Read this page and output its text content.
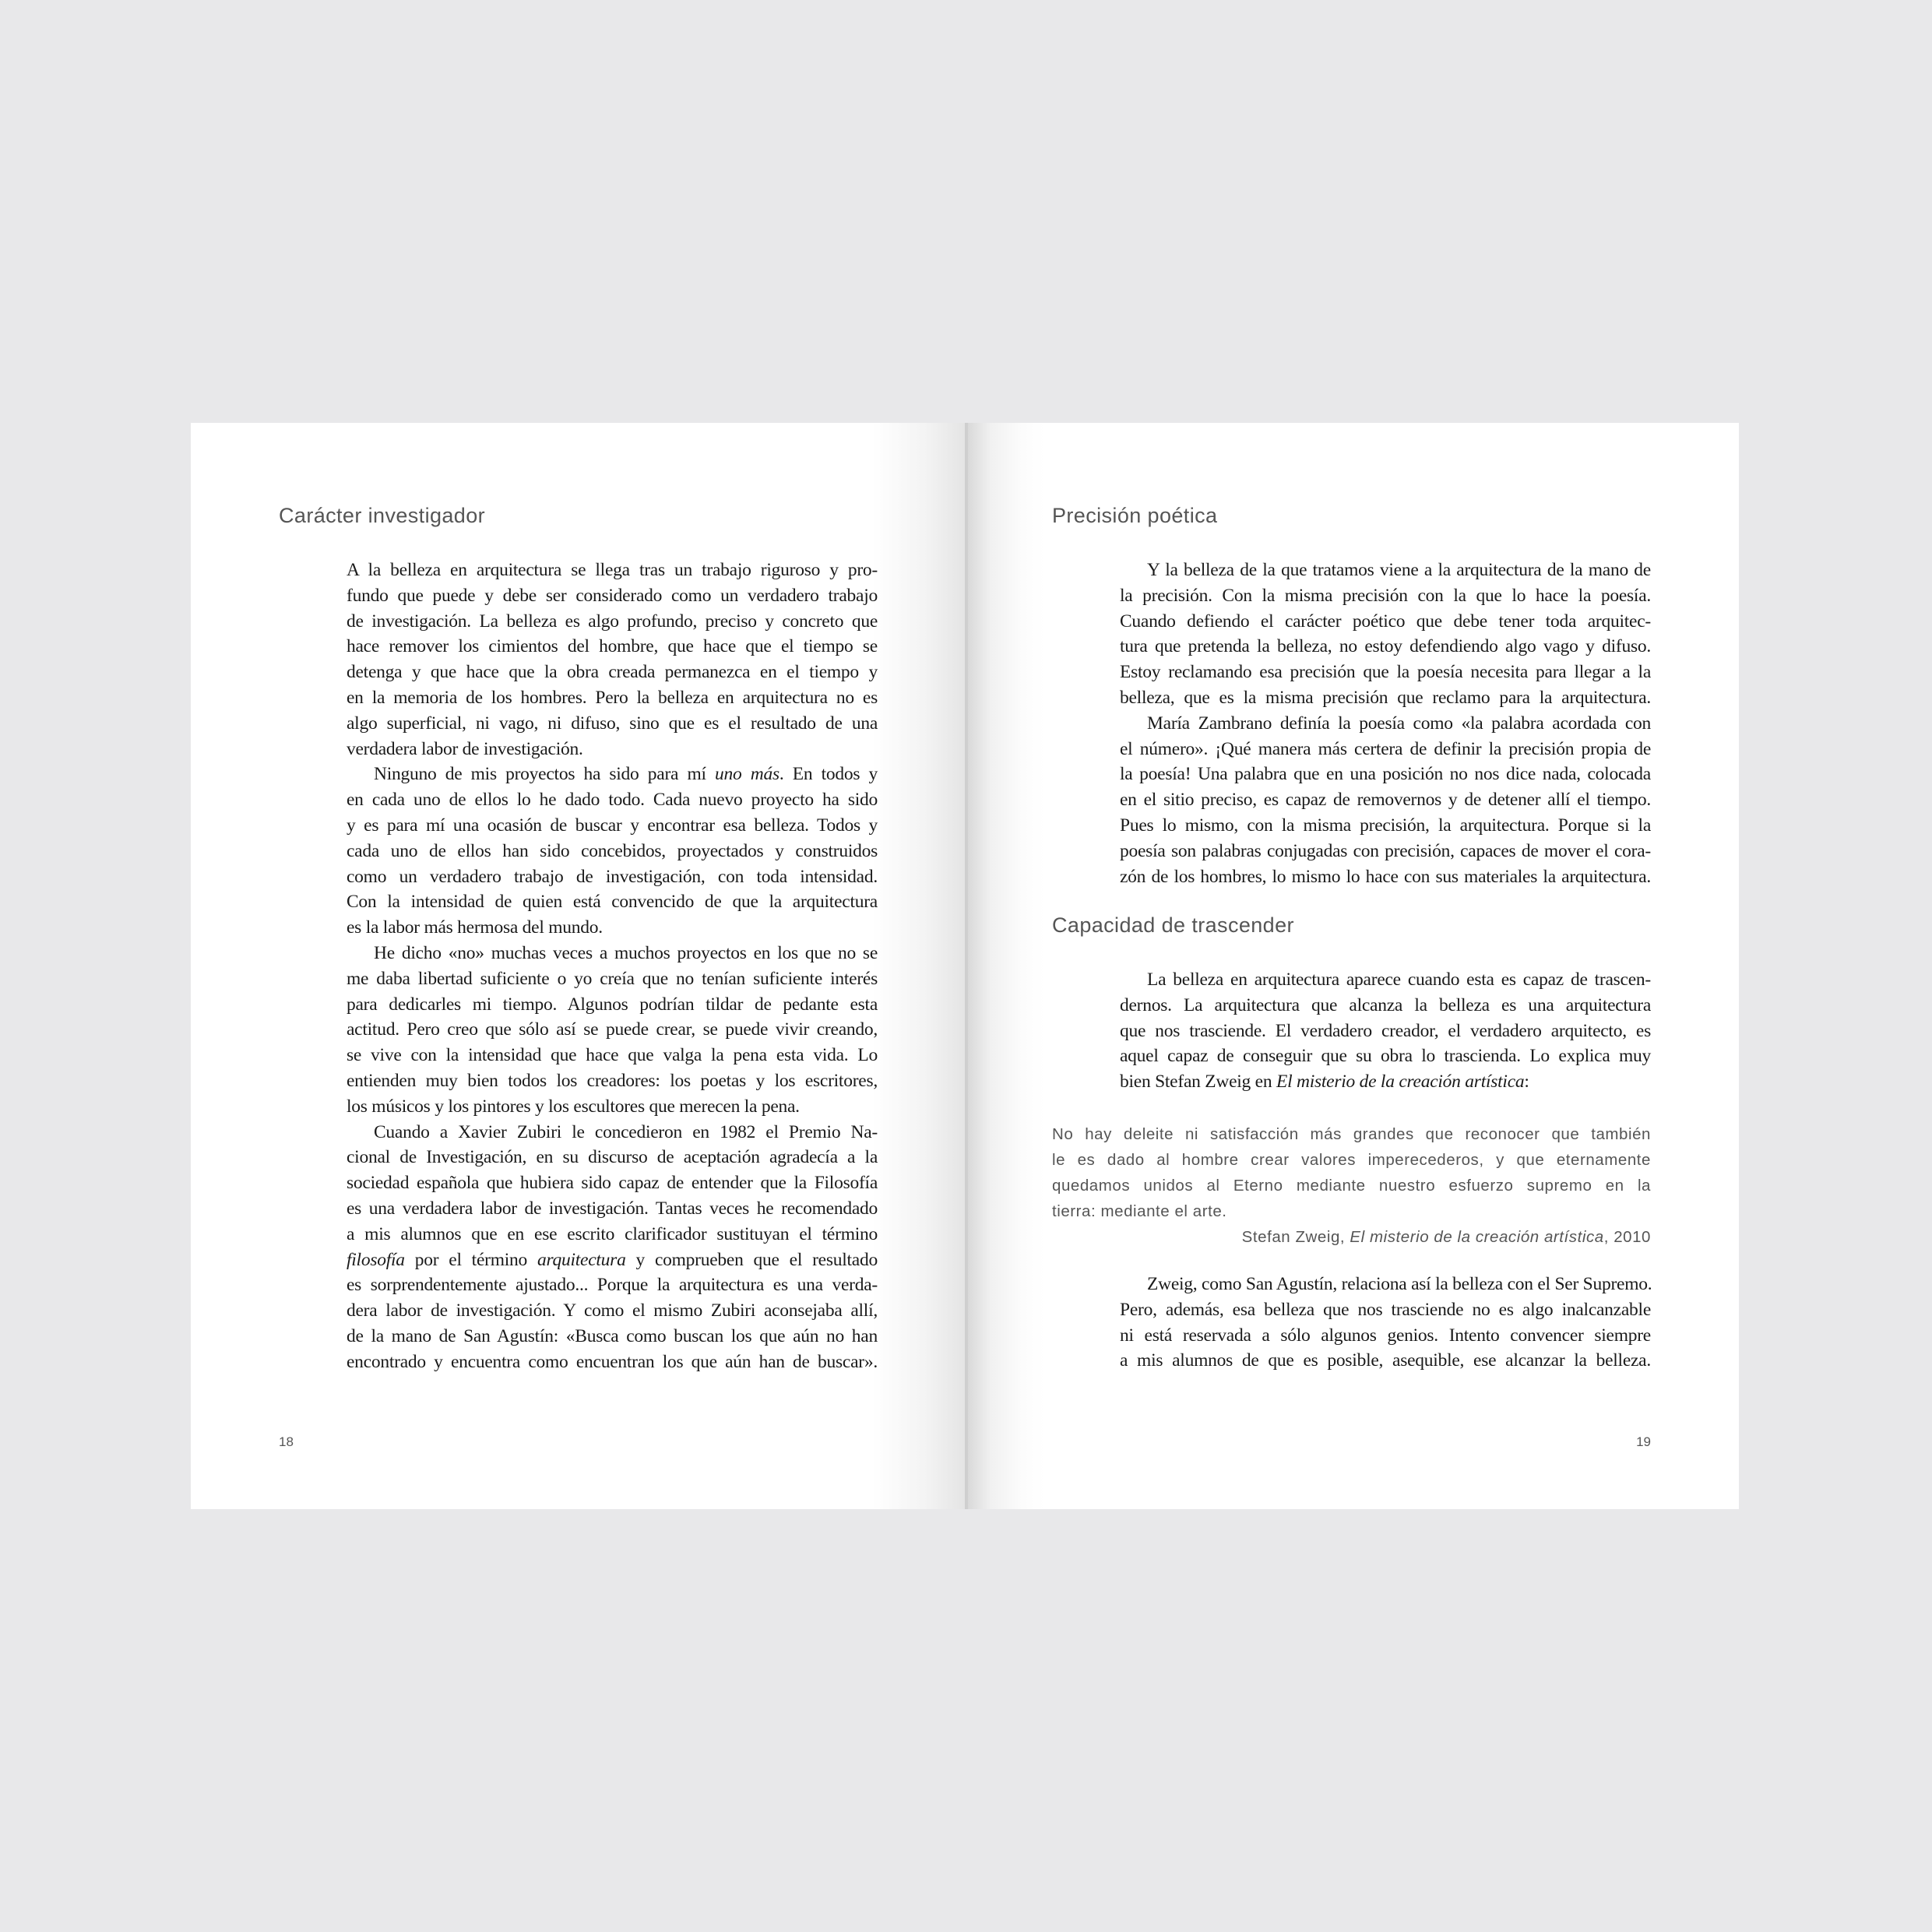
Carácter investigador
A la belleza en arquitectura se llega tras un trabajo riguroso y pro-
fundo que puede y debe ser considerado como un verdadero trabajo
de investigación. La belleza es algo profundo, preciso y concreto que
hace remover los cimientos del hombre, que hace que el tiempo se
detenga y que hace que la obra creada permanezca en el tiempo y
en la memoria de los hombres. Pero la belleza en arquitectura no es
algo superficial, ni vago, ni difuso, sino que es el resultado de una
verdadera labor de investigación.
Ninguno de mis proyectos ha sido para mí uno más. En todos y
en cada uno de ellos lo he dado todo. Cada nuevo proyecto ha sido
y es para mí una ocasión de buscar y encontrar esa belleza. Todos y
cada uno de ellos han sido concebidos, proyectados y construidos
como un verdadero trabajo de investigación, con toda intensidad.
Con la intensidad de quien está convencido de que la arquitectura
es la labor más hermosa del mundo.
He dicho «no» muchas veces a muchos proyectos en los que no se
me daba libertad suficiente o yo creía que no tenían suficiente interés
para dedicarles mi tiempo. Algunos podrían tildar de pedante esta
actitud. Pero creo que sólo así se puede crear, se puede vivir creando,
se vive con la intensidad que hace que valga la pena esta vida. Lo
entienden muy bien todos los creadores: los poetas y los escritores,
los músicos y los pintores y los escultores que merecen la pena.
Cuando a Xavier Zubiri le concedieron en 1982 el Premio Na-
cional de Investigación, en su discurso de aceptación agradecía a la
sociedad española que hubiera sido capaz de entender que la Filosofía
es una verdadera labor de investigación. Tantas veces he recomendado
a mis alumnos que en ese escrito clarificador sustituyan el término
filosofía por el término arquitectura y comprueben que el resultado
es sorprendentemente ajustado... Porque la arquitectura es una verda-
dera labor de investigación. Y como el mismo Zubiri aconsejaba allí,
de la mano de San Agustín: «Busca como buscan los que aún no han
encontrado y encuentra como encuentran los que aún han de buscar».
18
Precisión poética
Y la belleza de la que tratamos viene a la arquitectura de la mano de
la precisión. Con la misma precisión con la que lo hace la poesía.
Cuando defiendo el carácter poético que debe tener toda arquitec-
tura que pretenda la belleza, no estoy defendiendo algo vago y difuso.
Estoy reclamando esa precisión que la poesía necesita para llegar a la
belleza, que es la misma precisión que reclamo para la arquitectura.
María Zambrano definía la poesía como «la palabra acordada con
el número». ¡Qué manera más certera de definir la precisión propia de
la poesía! Una palabra que en una posición no nos dice nada, colocada
en el sitio preciso, es capaz de removernos y de detener allí el tiempo.
Pues lo mismo, con la misma precisión, la arquitectura. Porque si la
poesía son palabras conjugadas con precisión, capaces de mover el cora-
zón de los hombres, lo mismo lo hace con sus materiales la arquitectura.
Capacidad de trascender
La belleza en arquitectura aparece cuando esta es capaz de trascen-
dernos. La arquitectura que alcanza la belleza es una arquitectura
que nos trasciende. El verdadero creador, el verdadero arquitecto, es
aquel capaz de conseguir que su obra lo trascienda. Lo explica muy
bien Stefan Zweig en El misterio de la creación artística:
No hay deleite ni satisfacción más grandes que reconocer que también
le es dado al hombre crear valores imperecederos, y que eternamente
quedamos unidos al Eterno mediante nuestro esfuerzo supremo en la
tierra: mediante el arte.
Stefan Zweig, El misterio de la creación artística, 2010
Zweig, como San Agustín, relaciona así la belleza con el Ser Supremo.
Pero, además, esa belleza que nos trasciende no es algo inalcanzable
ni está reservada a sólo algunos genios. Intento convencer siempre
a mis alumnos de que es posible, asequible, ese alcanzar la belleza.
19
